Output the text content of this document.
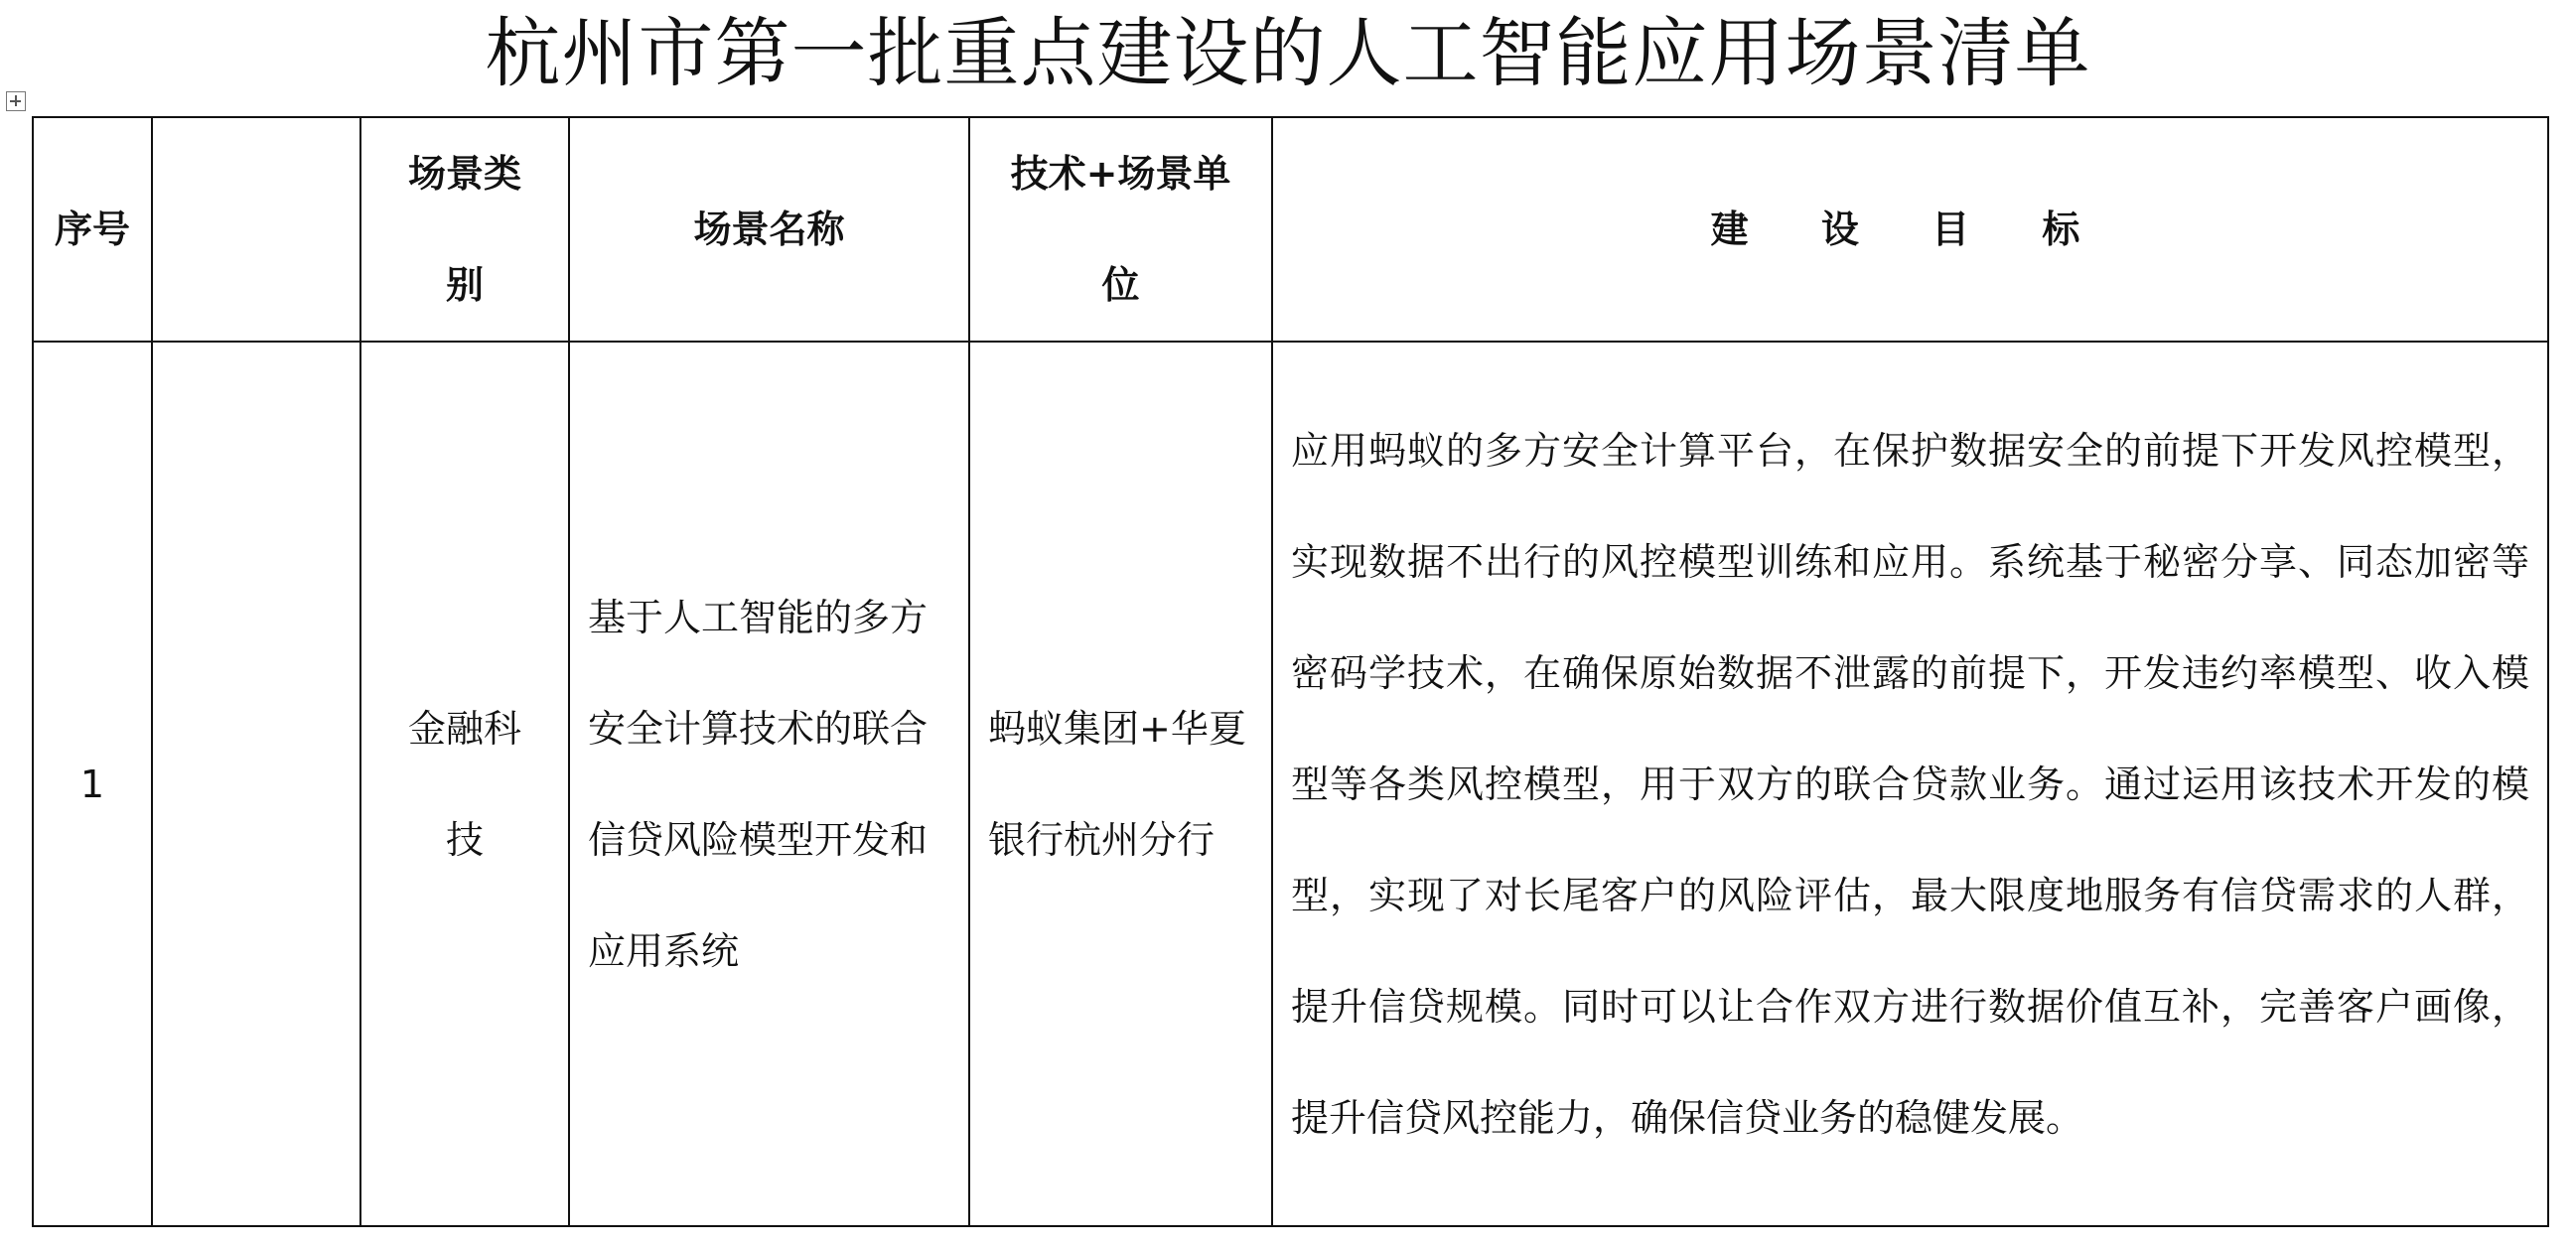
杭州市第一批重点建设的人工智能应用场景清单
序号		场景类别	场景名称	技术+场景单位	建 设 目 标
1		金融科技	基于人工智能的多方安全计算技术的联合信贷风险模型开发和应用系统	蚂蚁集团+华夏银行杭州分行	应用蚂蚁的多方安全计算平台，在保护数据安全的前提下开发风控模型，实现数据不出行的风控模型训练和应用。系统基于秘密分享、同态加密等密码学技术，在确保原始数据不泄露的前提下，开发违约率模型、收入模型等各类风控模型，用于双方的联合贷款业务。通过运用该技术开发的模型，实现了对长尾客户的风险评估，最大限度地服务有信贷需求的人群，提升信贷规模。同时可以让合作双方进行数据价值互补，完善客户画像，提升信贷风控能力，确保信贷业务的稳健发展。
